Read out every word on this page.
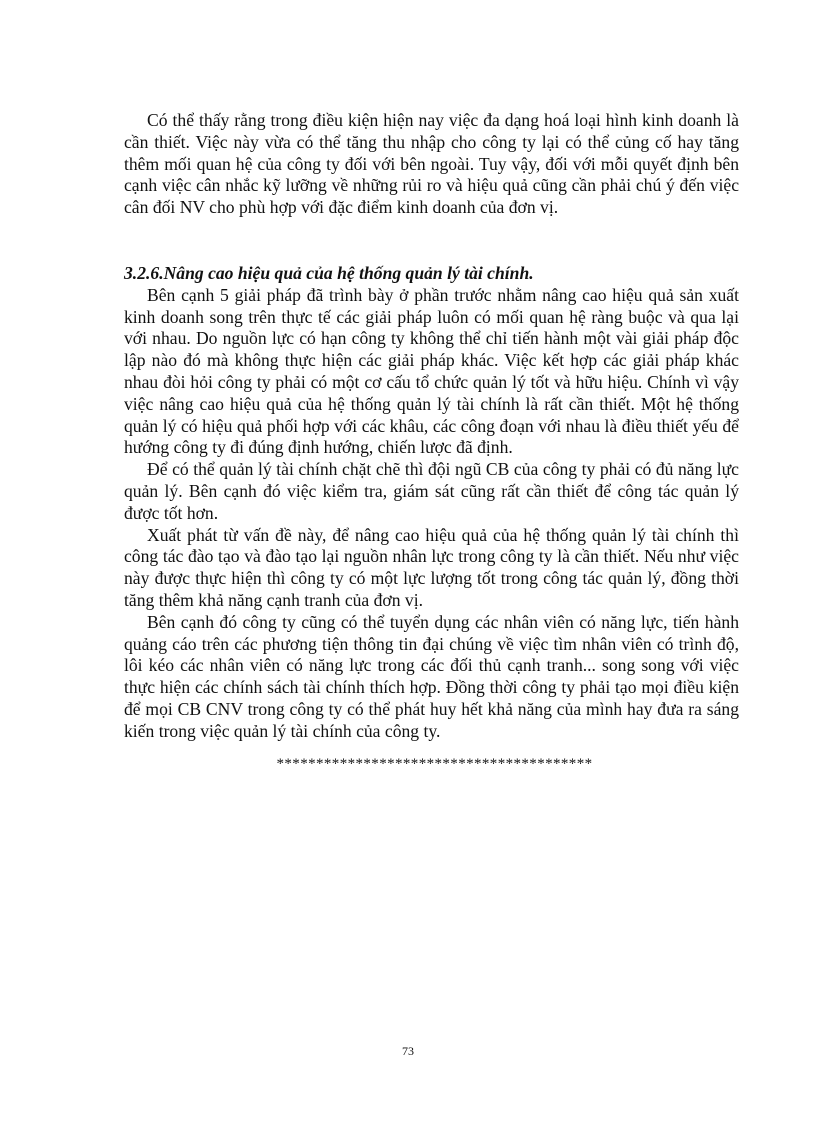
Có thể thấy rằng trong điều kiện hiện nay việc đa dạng hoá loại hình kinh doanh là cần thiết. Việc này vừa có thể tăng thu nhập cho công ty lại có thể củng cố hay tăng thêm mối quan hệ của công ty đối với bên ngoài. Tuy vậy, đối với mỗi quyết định bên cạnh việc cân nhắc kỹ lưỡng về những rủi ro và hiệu quả cũng cần phải chú ý đến việc cân đối NV cho phù hợp với đặc điểm kinh doanh của đơn vị.

3.2.6.Nâng cao hiệu quả của hệ thống quản lý tài chính.

Bên cạnh 5 giải pháp đã trình bày ở phần trước nhằm nâng cao hiệu quả sản xuất kinh doanh song trên thực tế các giải pháp luôn có mối quan hệ ràng buộc và qua lại với nhau. Do nguồn lực có hạn công ty không thể chỉ tiến hành một vài giải pháp độc lập nào đó mà không thực hiện các giải pháp khác. Việc kết hợp các giải pháp khác nhau đòi hỏi công ty phải có một cơ cấu tổ chức quản lý tốt và hữu hiệu. Chính vì vậy việc nâng cao hiệu quả của hệ thống quản lý tài chính là rất cần thiết. Một hệ thống quản lý có hiệu quả phối hợp với các khâu, các công đoạn với nhau là điều thiết yếu để hướng công ty đi đúng định hướng, chiến lược đã định.

Để có thể quản lý tài chính chặt chẽ thì đội ngũ CB của công ty phải có đủ năng lực quản lý. Bên cạnh đó việc kiểm tra, giám sát cũng rất cần thiết để công tác quản lý được tốt hơn.

Xuất phát từ vấn đề này, để nâng cao hiệu quả của hệ thống quản lý tài chính thì công tác đào tạo và đào tạo lại nguồn nhân lực trong công ty là cần thiết. Nếu như việc này được thực hiện thì công ty có một lực lượng tốt trong công tác quản lý, đồng thời tăng thêm khả năng cạnh tranh của đơn vị.

Bên cạnh đó công ty cũng có thể tuyển dụng các nhân viên có năng lực, tiến hành quảng cáo trên các phương tiện thông tin đại chúng về việc tìm nhân viên có trình độ, lôi kéo các nhân viên có năng lực trong các đối thủ cạnh tranh... song song với việc thực hiện các chính sách tài chính thích hợp. Đồng thời công ty phải tạo mọi điều kiện để mọi CB CNV trong công ty có thể phát huy hết khả năng của mình hay đưa ra sáng kiến trong việc quản lý tài chính của công ty.

****************************************
73
